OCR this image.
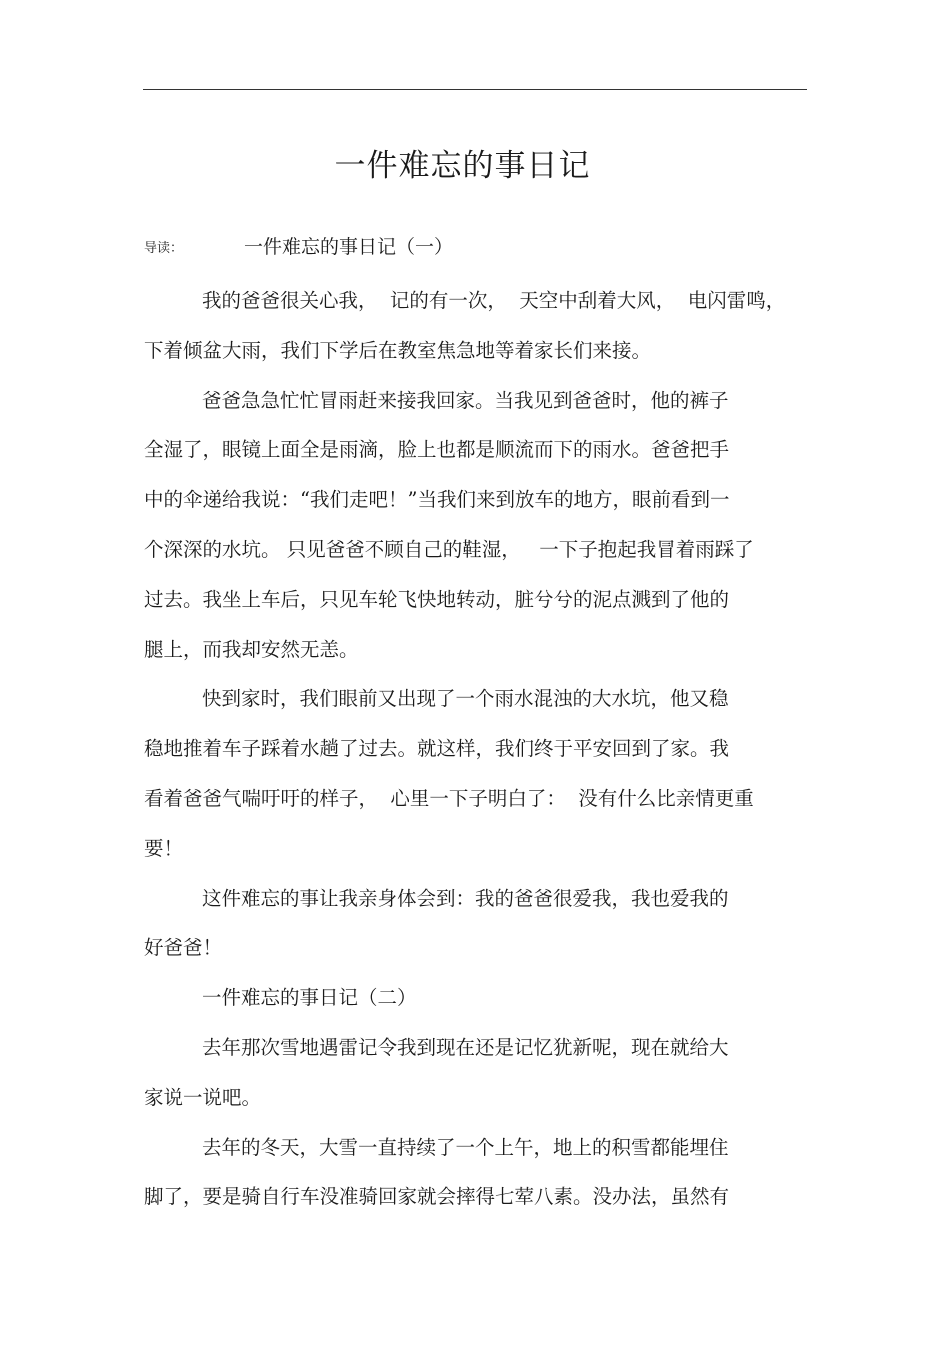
一件难忘的事日记
导读：	一件难忘的事日记（一）
我的爸爸很关心我，  记的有一次，  天空中刮着大风，  电闪雷鸣，
下着倾盆大雨，我们下学后在教室焦急地等着家长们来接。
爸爸急急忙忙冒雨赶来接我回家。当我见到爸爸时，他的裤子
全湿了，眼镜上面全是雨滴，脸上也都是顺流而下的雨水。爸爸把手
中的伞递给我说：“我们走吧！”当我们来到放车的地方，眼前看到一
个深深的水坑。 只见爸爸不顾自己的鞋湿，   一下子抱起我冒着雨踩了
过去。我坐上车后，只见车轮飞快地转动，脏兮兮的泥点溅到了他的
腿上，而我却安然无恙。
快到家时，我们眼前又出现了一个雨水混浊的大水坑，他又稳
稳地推着车子踩着水趟了过去。就这样，我们终于平安回到了家。我
看着爸爸气喘吁吁的样子，  心里一下子明白了：  没有什么比亲情更重
要！
这件难忘的事让我亲身体会到：我的爸爸很爱我，我也爱我的
好爸爸！
一件难忘的事日记（二）
去年那次雪地遇雷记令我到现在还是记忆犹新呢，现在就给大
家说一说吧。
去年的冬天，大雪一直持续了一个上午，地上的积雪都能埋住
脚了，要是骑自行车没准骑回家就会摔得七荤八素。没办法，虽然有
